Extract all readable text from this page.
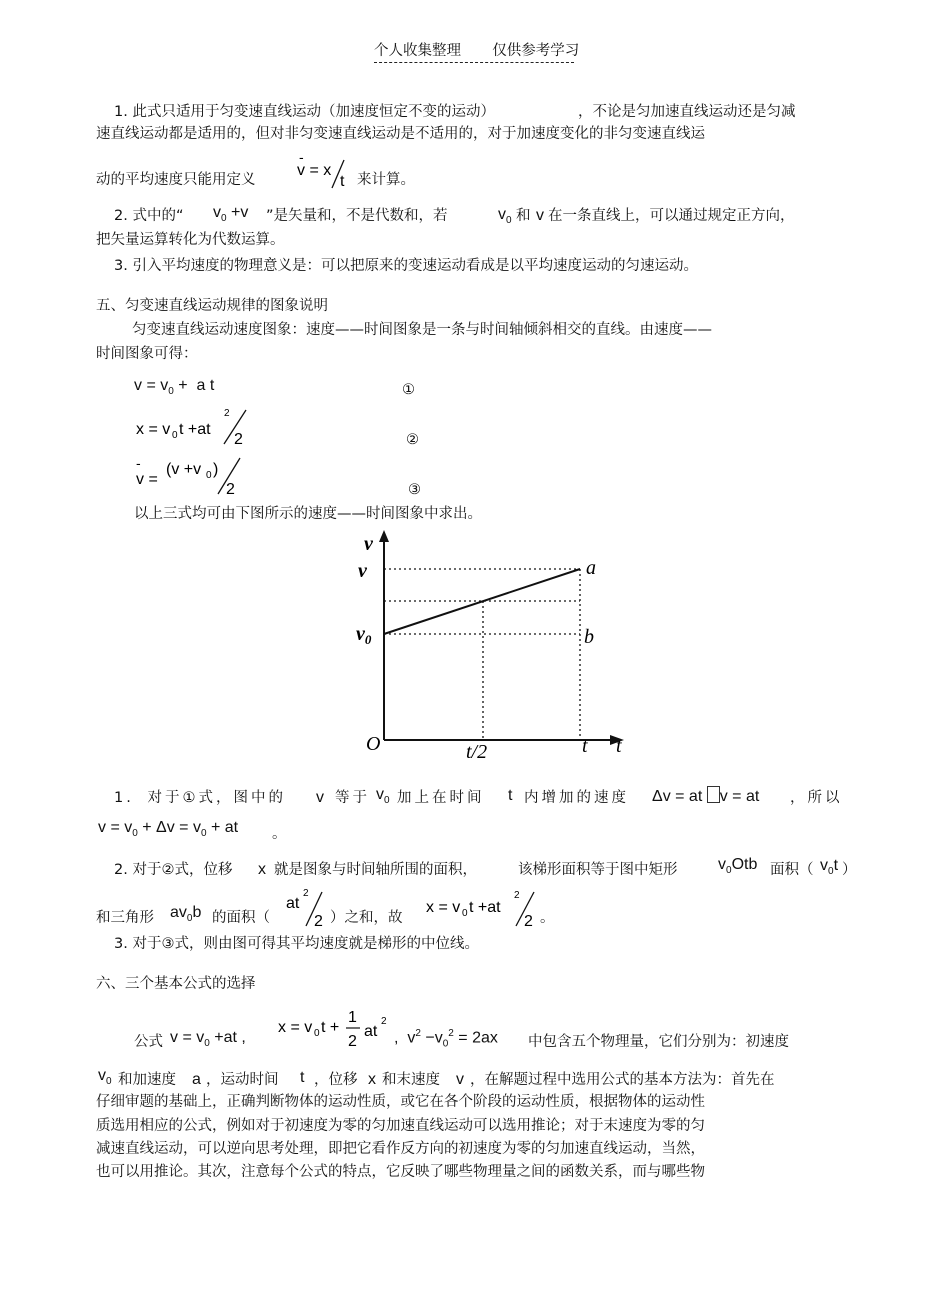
个人收集整理 仅供参考学习
1. 此式只适用于匀变速直线运动（加速度恒定不变的运动）	，不论是匀加速直线运动还是匀减
速直线运动都是适用的，但对非匀变速直线运动是不适用的，对于加速度变化的非匀变速直线运
动的平均速度只能用定义
-
v = x
t 来计算。
2. 式中的“ $v_0 +v$ ”是矢量和，不是代数和，若	$v_0$ 和 v 在一条直线上，可以通过规定正方向，
把矢量运算转化为代数运算。
3. 引入平均速度的物理意义是：可以把原来的变速运动看成是以平均速度运动的匀速运动。
五、匀变速直线运动规律的图象说明
匀变速直线运动速度图象：速度——时间图象是一条与时间轴倾斜相交的直线。由速度——
时间图象可得：
$v = v_0 + a$ t	①
x = v 0 t +at
2
2	②
-
v =
(v +v 0 )
2	③
以上三式均可由下图所示的速度——时间图象中求出。
v
v
$v_0$
a
b
O	t/2	t t
1. 对于①式，图中的 v 等于 $v_0$ 加上在时间 t 内增加的速度 Δv = at v = at ，所以
$v = v_0 + \Delta v = v_0$ + at 。
2. 对于②式，位移 x 就是图象与时间轴所围的面积，	该梯形面积等于图中矩形	$v_0Otb$ 面积（ $v_0t$ ）
和三角形 $av_0b$ 的面积（
at
2
2 ）之和，故
x = v 0 t +at
2
2 。
3. 对于③式，则由图可得其平均速度就是梯形的中位线。
六、三个基本公式的选择
公式 $v = v_0 +at$ ,
x = v 0 t +
1
2
at
2
,  $v^2 -v_0^2 = 2ax$ 中包含五个物理量，它们分别为：初速度
$v_0$ 和加速度 a ，运动时间 t ，位移 x 和末速度 v ，在解题过程中选用公式的基本方法为：首先在
仔细审题的基础上，正确判断物体的运动性质，或它在各个阶段的运动性质，根据物体的运动性
质选用相应的公式，例如对于初速度为零的匀加速直线运动可以选用推论；对于末速度为零的匀
减速直线运动，可以逆向思考处理，即把它看作反方向的初速度为零的匀加速直线运动，当然，
也可以用推论。其次，注意每个公式的特点，它反映了哪些物理量之间的函数关系，而与哪些物
